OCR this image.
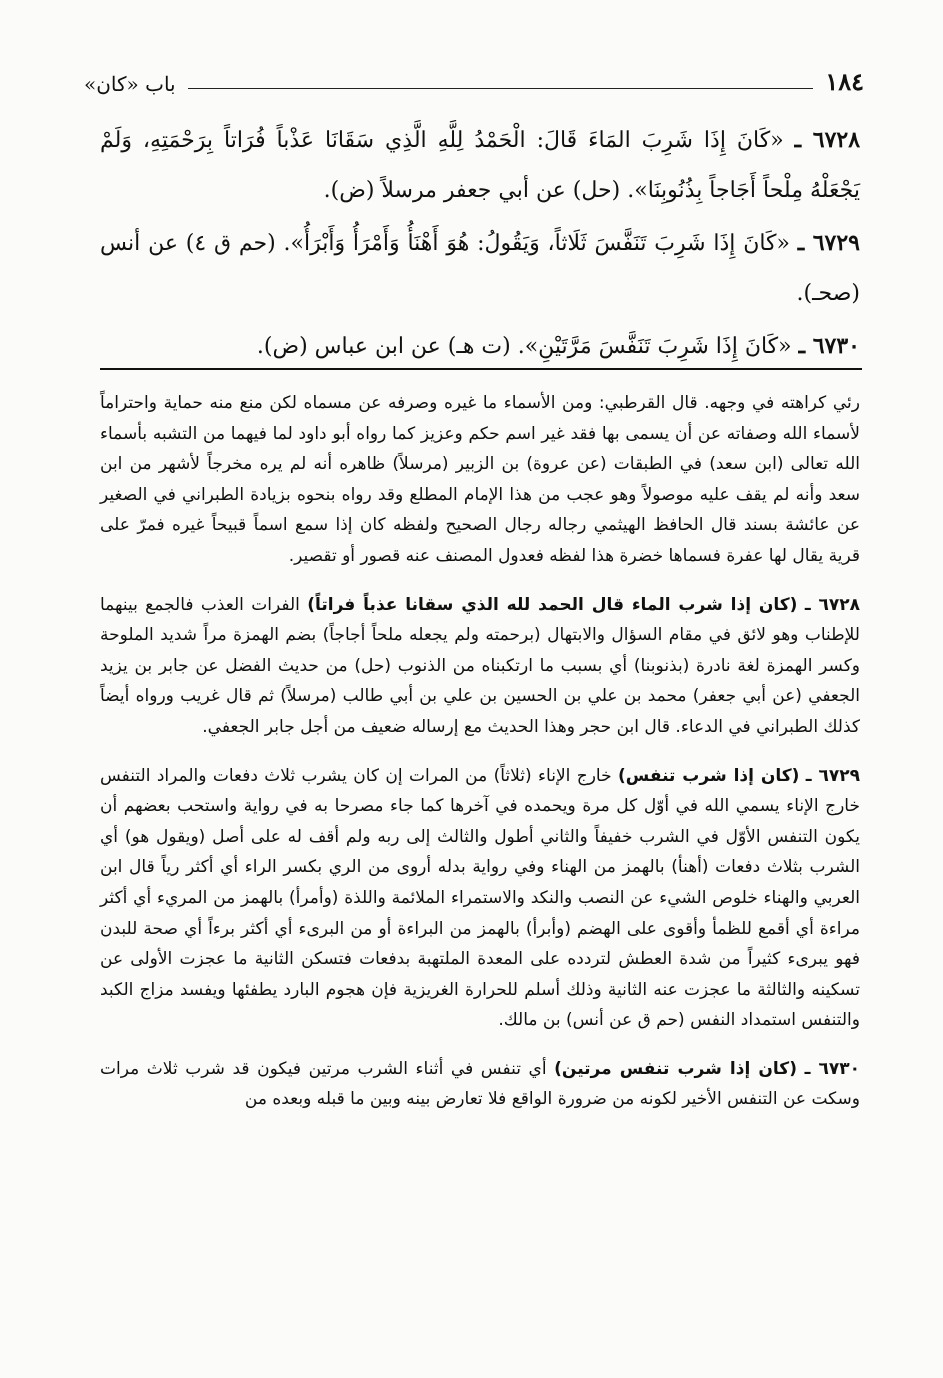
١٨٤
باب «كان»

٦٧٢٨ ـ «كَانَ إِذَا شَرِبَ المَاءَ قَالَ: الْحَمْدُ لِلَّهِ الَّذِي سَقَانَا عَذْباً فُرَاتاً بِرَحْمَتِهِ، وَلَمْ يَجْعَلْهُ مِلْحاً أَجَاجاً بِذُنُوبِنَا». (حل) عن أبي جعفر مرسلاً (ض).

٦٧٢٩ ـ «كَانَ إِذَا شَرِبَ تَنَفَّسَ ثَلَاثاً، وَيَقُولُ: هُوَ أَهْنَأُ وَأَمْرَأُ وَأَبْرَأُ». (حم ق ٤) عن أنس (صحـ).

٦٧٣٠ ـ «كَانَ إِذَا شَرِبَ تَنَفَّسَ مَرَّتَيْنِ». (ت هـ) عن ابن عباس (ض).

رئي كراهته في وجهه. قال القرطبي: ومن الأسماء ما غيره وصرفه عن مسماه لكن منع منه حماية واحتراماً لأسماء الله وصفاته عن أن يسمى بها فقد غير اسم حكم وعزيز كما رواه أبو داود لما فيهما من التشبه بأسماء الله تعالى (ابن سعد) في الطبقات (عن عروة) بن الزبير (مرسلاً) ظاهره أنه لم يره مخرجاً لأشهر من ابن سعد وأنه لم يقف عليه موصولاً وهو عجب من هذا الإمام المطلع وقد رواه بنحوه بزيادة الطبراني في الصغير عن عائشة بسند قال الحافظ الهيثمي رجاله رجال الصحيح ولفظه كان إذا سمع اسماً قبيحاً غيره فمرّ على قرية يقال لها عفرة فسماها خضرة هذا لفظه فعدول المصنف عنه قصور أو تقصير.

٦٧٢٨ ـ (كان إذا شرب الماء قال الحمد لله الذي سقانا عذباً فراتاً) الفرات العذب فالجمع بينهما للإطناب وهو لائق في مقام السؤال والابتهال (برحمته ولم يجعله ملحاً أجاجاً) بضم الهمزة مراً شديد الملوحة وكسر الهمزة لغة نادرة (بذنوبنا) أي بسبب ما ارتكبناه من الذنوب (حل) من حديث الفضل عن جابر بن يزيد الجعفي (عن أبي جعفر) محمد بن علي بن الحسين بن علي بن أبي طالب (مرسلاً) ثم قال غريب ورواه أيضاً كذلك الطبراني في الدعاء. قال ابن حجر وهذا الحديث مع إرساله ضعيف من أجل جابر الجعفي.

٦٧٢٩ ـ (كان إذا شرب تنفس) خارج الإناء (ثلاثاً) من المرات إن كان يشرب ثلاث دفعات والمراد التنفس خارج الإناء يسمي الله في أوّل كل مرة ويحمده في آخرها كما جاء مصرحا به في رواية واستحب بعضهم أن يكون التنفس الأوّل في الشرب خفيفاً والثاني أطول والثالث إلى ربه ولم أقف له على أصل (ويقول هو) أي الشرب بثلاث دفعات (أهنأ) بالهمز من الهناء وفي رواية بدله أروى من الري بكسر الراء أي أكثر رياً قال ابن العربي والهناء خلوص الشيء عن النصب والنكد والاستمراء الملائمة واللذة (وأمرأ) بالهمز من المريء أي أكثر مراءة أي أقمع للظمأ وأقوى على الهضم (وأبرأ) بالهمز من البراءة أو من البرىء أي أكثر برءاً أي صحة للبدن فهو يبرىء كثيراً من شدة العطش لتردده على المعدة الملتهبة بدفعات فتسكن الثانية ما عجزت الأولى عن تسكينه والثالثة ما عجزت عنه الثانية وذلك أسلم للحرارة الغريزية فإن هجوم البارد يطفئها ويفسد مزاج الكبد والتنفس استمداد النفس (حم ق عن أنس) بن مالك.

٦٧٣٠ ـ (كان إذا شرب تنفس مرتين) أي تنفس في أثناء الشرب مرتين فيكون قد شرب ثلاث مرات وسكت عن التنفس الأخير لكونه من ضرورة الواقع فلا تعارض بينه وبين ما قبله وبعده من
